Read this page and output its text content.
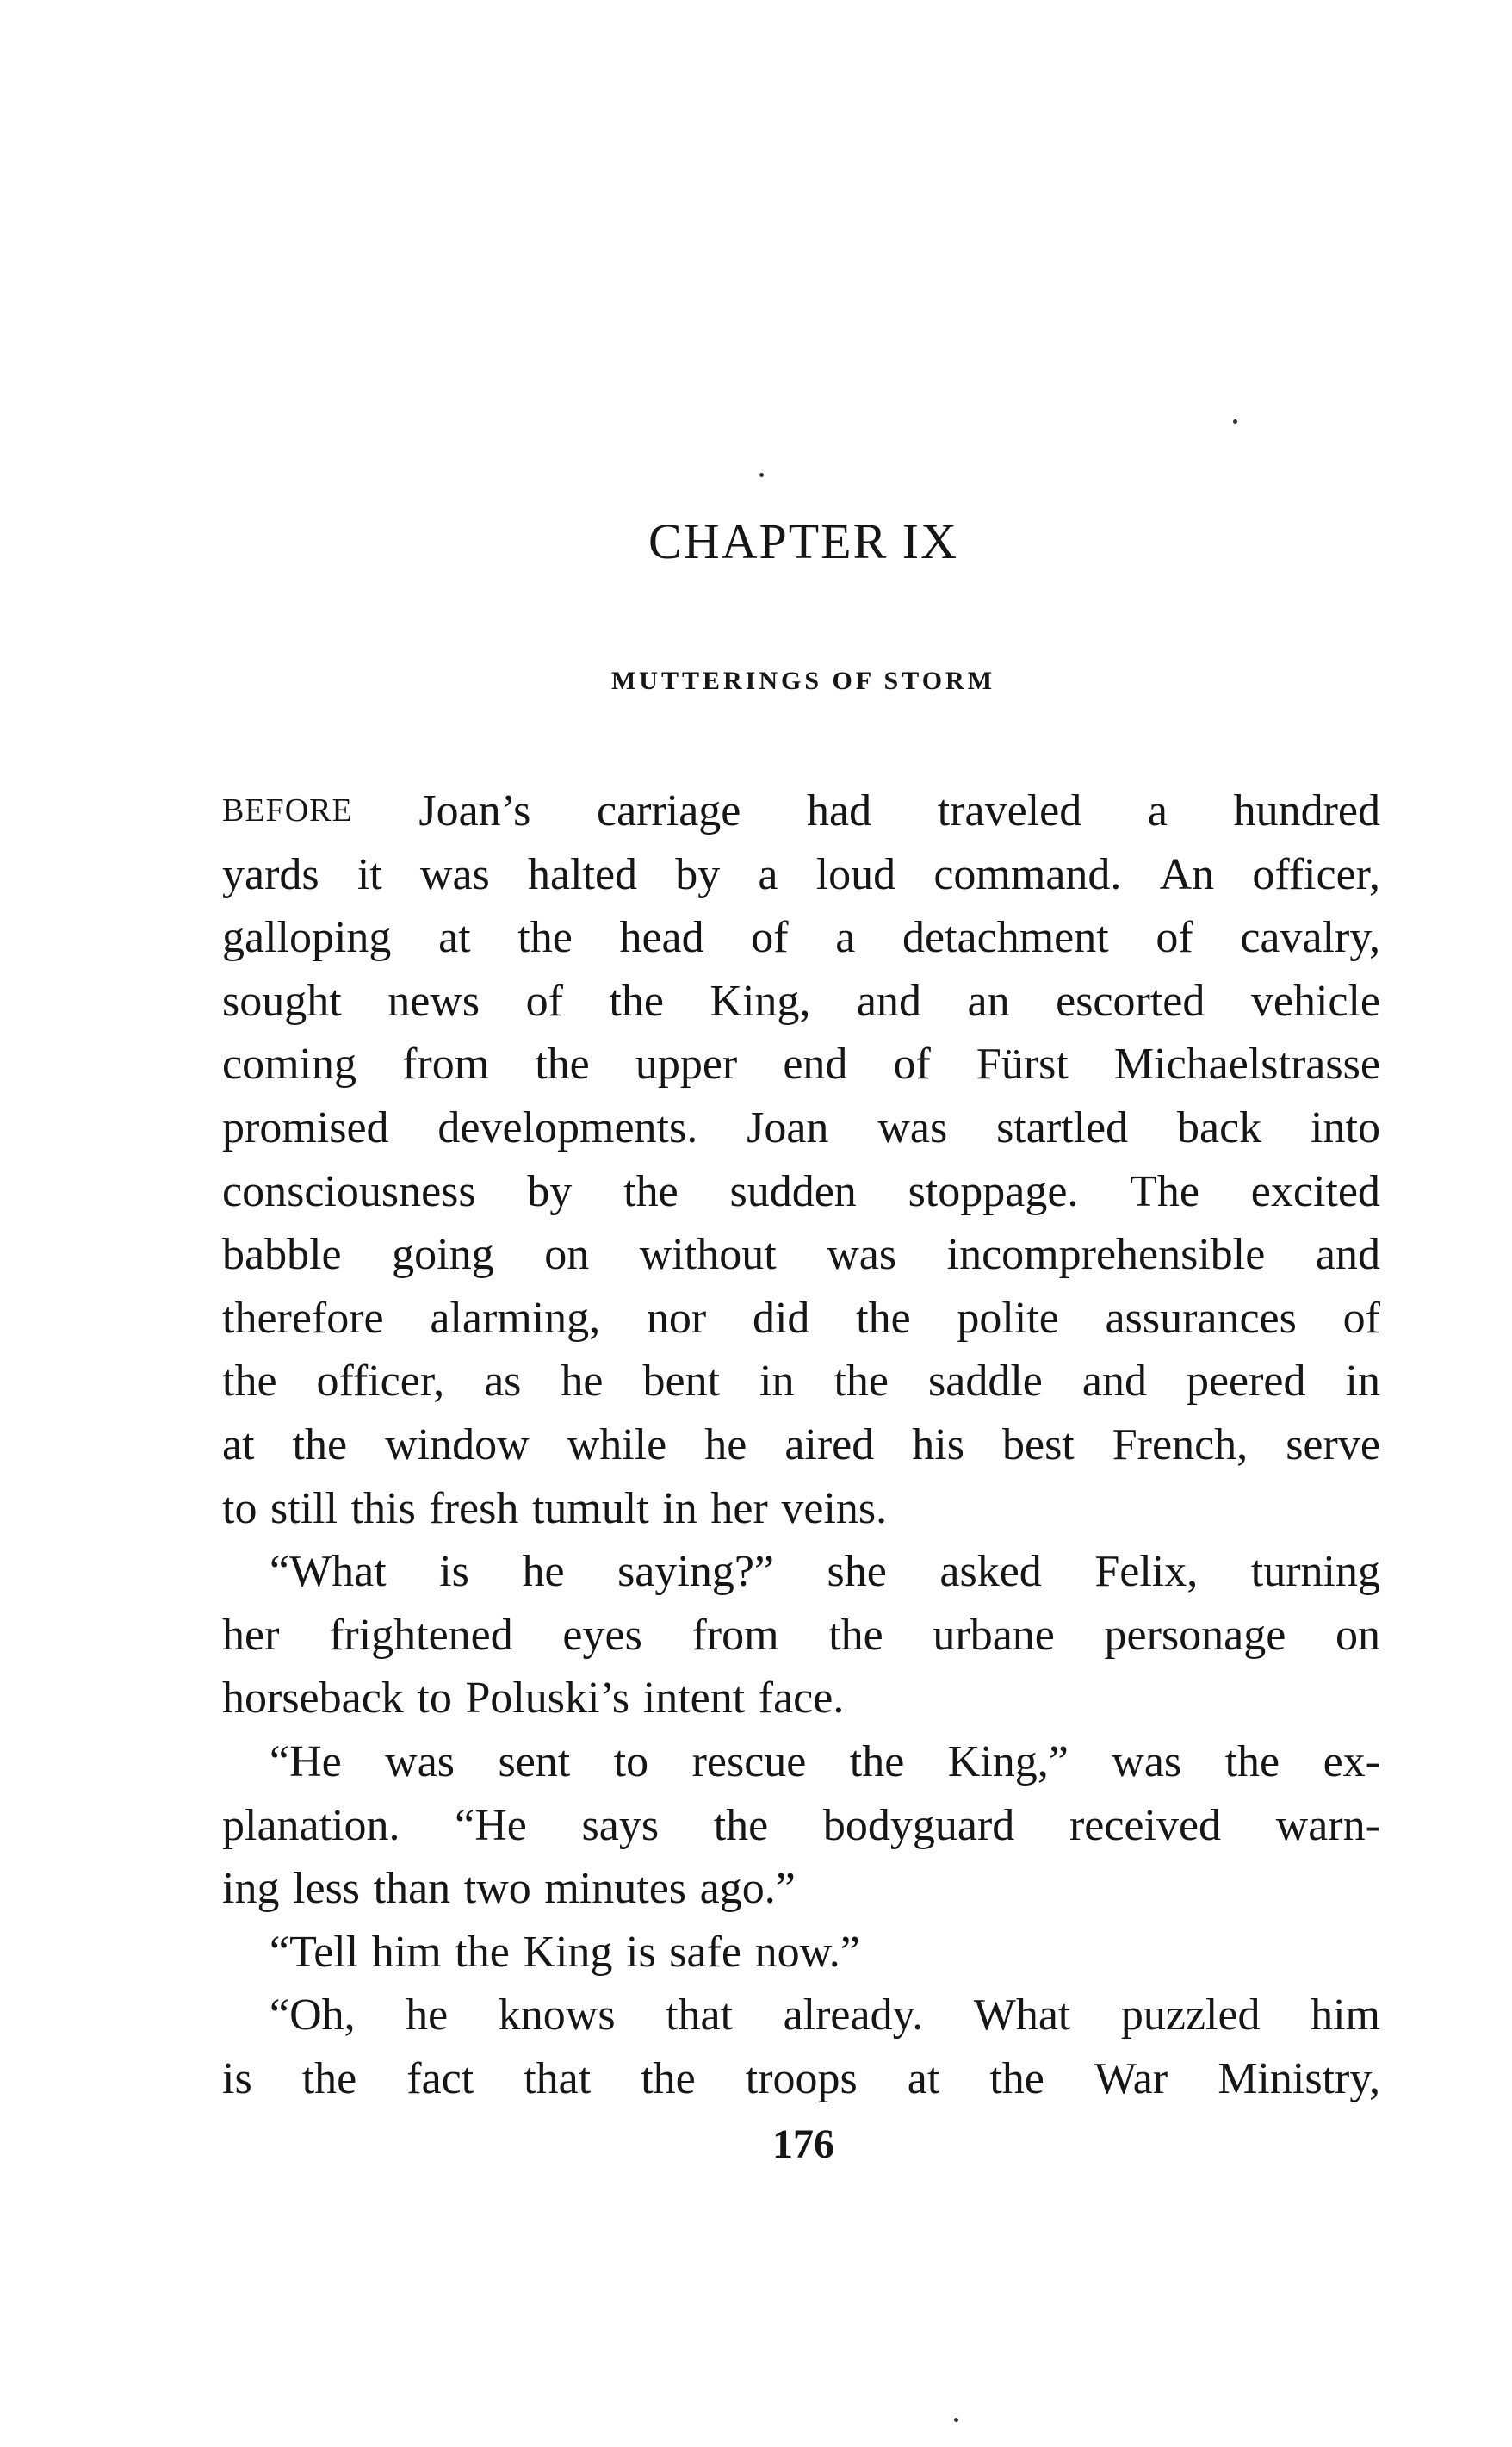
CHAPTER IX
MUTTERINGS OF STORM
BEFORE Joan’s carriage had traveled a hundred
yards it was halted by a loud command. An officer,
galloping at the head of a detachment of cavalry,
sought news of the King, and an escorted vehicle
coming from the upper end of Fürst Michaelstrasse
promised developments. Joan was startled back into
consciousness by the sudden stoppage. The excited
babble going on without was incomprehensible and
therefore alarming, nor did the polite assurances of
the officer, as he bent in the saddle and peered in
at the window while he aired his best French, serve
to still this fresh tumult in her veins.
“What is he saying?” she asked Felix, turning
her frightened eyes from the urbane personage on
horseback to Poluski’s intent face.
“He was sent to rescue the King,” was the ex-
planation. “He says the bodyguard received warn-
ing less than two minutes ago.”
“Tell him the King is safe now.”
“Oh, he knows that already. What puzzled him
is the fact that the troops at the War Ministry,
176
